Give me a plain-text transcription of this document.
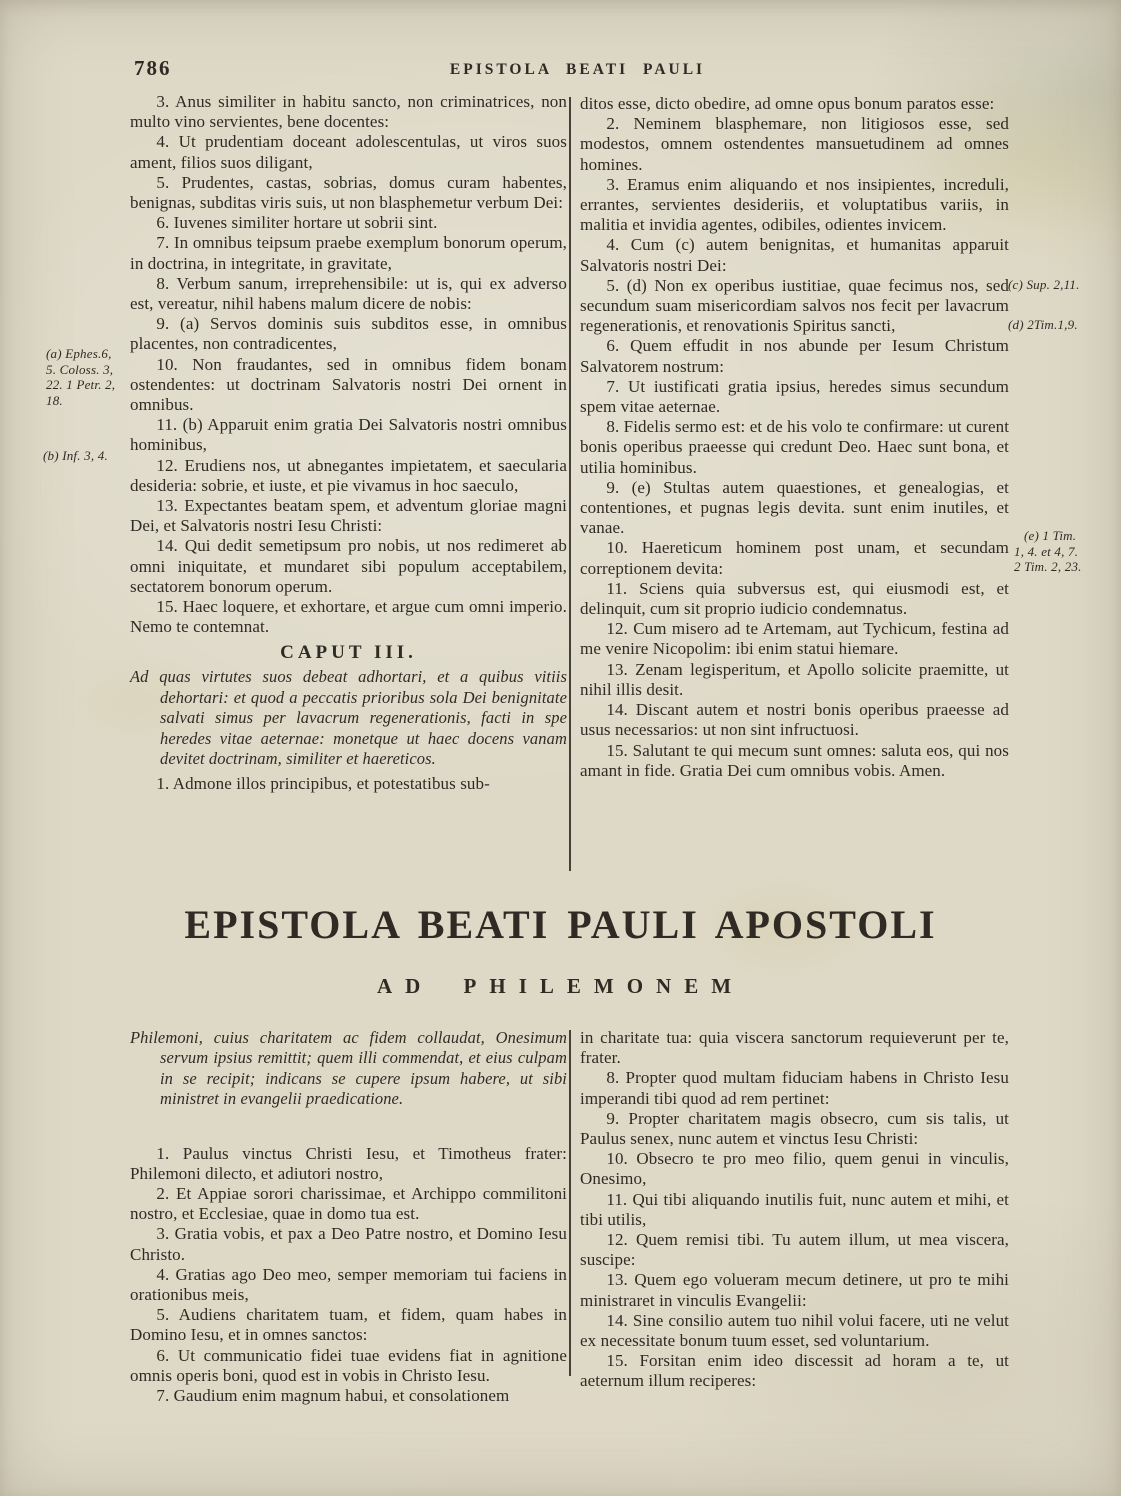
786	EPISTOLA BEATI PAULI

3. Anus similiter in habitu sancto, non criminatrices, non multo vino servientes, bene docentes:

4. Ut prudentiam doceant adolescentulas, ut viros suos ament, filios suos diligant,

5. Prudentes, castas, sobrias, domus curam habentes, benignas, subditas viris suis, ut non blasphemetur verbum Dei:

6. Iuvenes similiter hortare ut sobrii sint.

7. In omnibus teipsum praebe exemplum bonorum operum, in doctrina, in integritate, in gravitate,

8. Verbum sanum, irreprehensibile: ut is, qui ex adverso est, vereatur, nihil habens malum dicere de nobis:

9. (a) Servos dominis suis subditos esse, in omnibus placentes, non contradicentes,

10. Non fraudantes, sed in omnibus fidem bonam ostendentes: ut doctrinam Salvatoris nostri Dei ornent in omnibus.

11. (b) Apparuit enim gratia Dei Salvatoris nostri omnibus hominibus,

12. Erudiens nos, ut abnegantes impietatem, et saecularia desideria: sobrie, et iuste, et pie vivamus in hoc saeculo,

13. Expectantes beatam spem, et adventum gloriae magni Dei, et Salvatoris nostri Iesu Christi:

14. Qui dedit semetipsum pro nobis, ut nos redimeret ab omni iniquitate, et mundaret sibi populum acceptabilem, sectatorem bonorum operum.

15. Haec loquere, et exhortare, et argue cum omni imperio. Nemo te contemnat.

CAPUT III.

Ad quas virtutes suos debeat adhortari, et a quibus vitiis dehortari: et quod a peccatis prioribus sola Dei benignitate salvati simus per lavacrum regenerationis, facti in spe heredes vitae aeternae: monetque ut haec docens vanam devitet doctrinam, similiter et haereticos.

1. Admone illos principibus, et potestatibus sub-

ditos esse, dicto obedire, ad omne opus bonum paratos esse:

2. Neminem blasphemare, non litigiosos esse, sed modestos, omnem ostendentes mansuetudinem ad omnes homines.

3. Eramus enim aliquando et nos insipientes, increduli, errantes, servientes desideriis, et voluptatibus variis, in malitia et invidia agentes, odibiles, odientes invicem.

4. Cum (c) autem benignitas, et humanitas apparuit Salvatoris nostri Dei:

5. (d) Non ex operibus iustitiae, quae fecimus nos, sed secundum suam misericordiam salvos nos fecit per lavacrum regenerationis, et renovationis Spiritus sancti,

6. Quem effudit in nos abunde per Iesum Christum Salvatorem nostrum:

7. Ut iustificati gratia ipsius, heredes simus secundum spem vitae aeternae.

8. Fidelis sermo est: et de his volo te confirmare: ut curent bonis operibus praeesse qui credunt Deo. Haec sunt bona, et utilia hominibus.

9. (e) Stultas autem quaestiones, et genealogias, et contentiones, et pugnas legis devita. sunt enim inutiles, et vanae.

10. Haereticum hominem post unam, et secundam correptionem devita:

11. Sciens quia subversus est, qui eiusmodi est, et delinquit, cum sit proprio iudicio condemnatus.

12. Cum misero ad te Artemam, aut Tychicum, festina ad me venire Nicopolim: ibi enim statui hiemare.

13. Zenam legisperitum, et Apollo solicite praemitte, ut nihil illis desit.

14. Discant autem et nostri bonis operibus praeesse ad usus necessarios: ut non sint infructuosi.

15. Salutant te qui mecum sunt omnes: saluta eos, qui nos amant in fide. Gratia Dei cum omnibus vobis. Amen.

(a) Ephes.6,
5. Coloss. 3,
22. 1 Petr. 2,
18.
(b) Inf. 3, 4.
(c) Sup. 2,11.
(d) 2Tim.1,9.
(e) 1 Tim.
1, 4. et 4, 7.
2 Tim. 2, 23.
EPISTOLA BEATI PAULI APOSTOLI
AD PHILEMONEM

Philemoni, cuius charitatem ac fidem collaudat, Onesimum servum ipsius remittit; quem illi commendat, et eius culpam in se recipit; indicans se cupere ipsum habere, ut sibi ministret in evangelii praedicatione.

1. Paulus vinctus Christi Iesu, et Timotheus frater: Philemoni dilecto, et adiutori nostro,

2. Et Appiae sorori charissimae, et Archippo commilitoni nostro, et Ecclesiae, quae in domo tua est.

3. Gratia vobis, et pax a Deo Patre nostro, et Domino Iesu Christo.

4. Gratias ago Deo meo, semper memoriam tui faciens in orationibus meis,

5. Audiens charitatem tuam, et fidem, quam habes in Domino Iesu, et in omnes sanctos:

6. Ut communicatio fidei tuae evidens fiat in agnitione omnis operis boni, quod est in vobis in Christo Iesu.

7. Gaudium enim magnum habui, et consolationem

in charitate tua: quia viscera sanctorum requieverunt per te, frater.

8. Propter quod multam fiduciam habens in Christo Iesu imperandi tibi quod ad rem pertinet:

9. Propter charitatem magis obsecro, cum sis talis, ut Paulus senex, nunc autem et vinctus Iesu Christi:

10. Obsecro te pro meo filio, quem genui in vinculis, Onesimo,

11. Qui tibi aliquando inutilis fuit, nunc autem et mihi, et tibi utilis,

12. Quem remisi tibi. Tu autem illum, ut mea viscera, suscipe:

13. Quem ego volueram mecum detinere, ut pro te mihi ministraret in vinculis Evangelii:

14. Sine consilio autem tuo nihil volui facere, uti ne velut ex necessitate bonum tuum esset, sed voluntarium.

15. Forsitan enim ideo discessit ad horam a te, ut aeternum illum reciperes:
